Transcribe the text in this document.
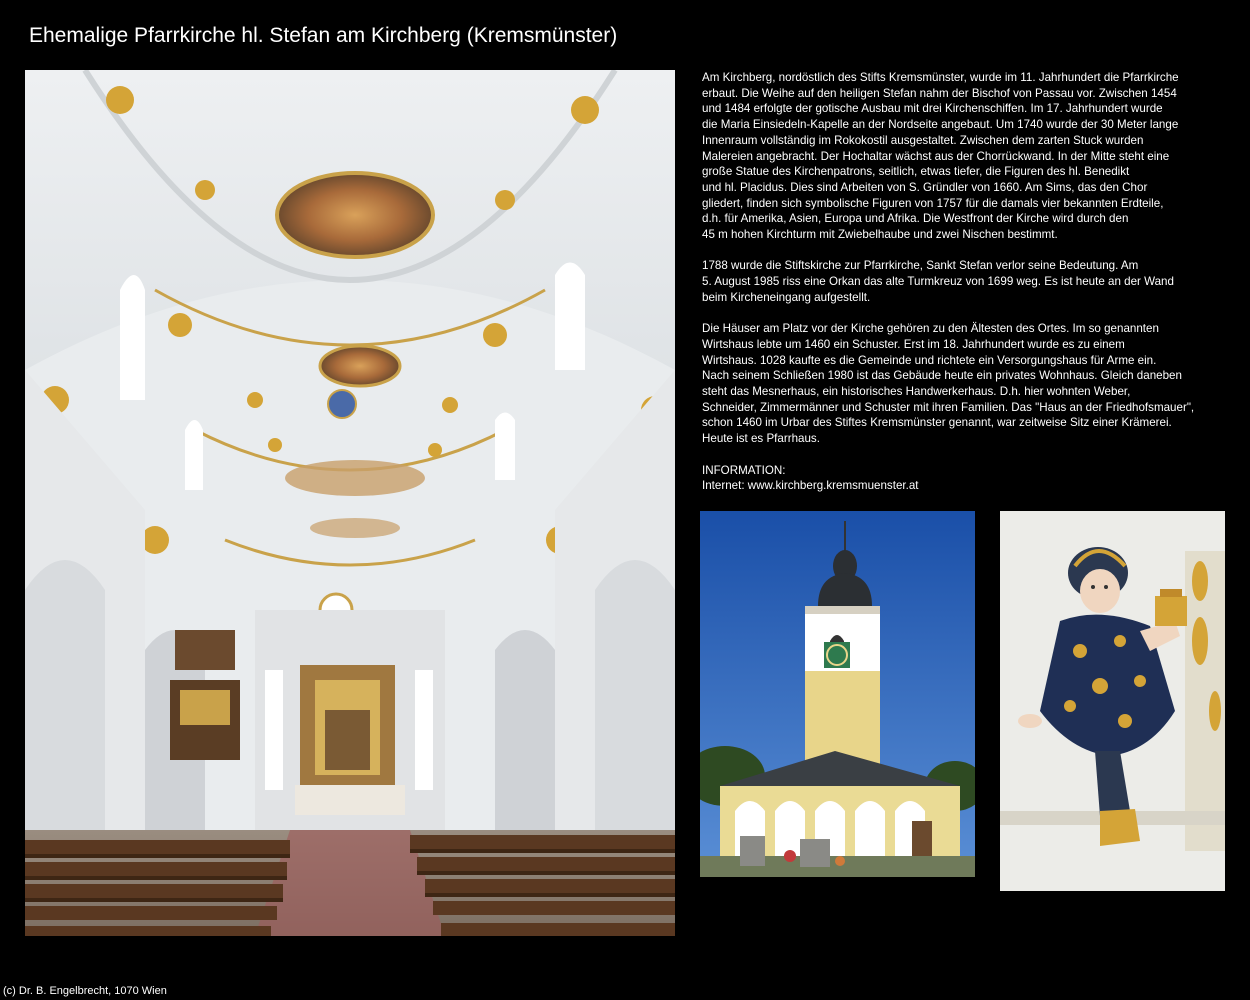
Ehemalige Pfarrkirche hl. Stefan am Kirchberg (Kremsmünster)

Am Kirchberg, nordöstlich des Stifts Kremsmünster, wurde im 11. Jahrhundert die Pfarrkirche
erbaut. Die Weihe auf den heiligen Stefan nahm der Bischof von Passau vor. Zwischen 1454
und 1484 erfolgte der gotische Ausbau mit drei Kirchenschiffen. Im 17. Jahrhundert wurde
die Maria Einsiedeln-Kapelle an der Nordseite angebaut. Um 1740 wurde der 30 Meter lange
Innenraum vollständig im Rokokostil ausgestaltet. Zwischen dem zarten Stuck wurden
Malereien angebracht. Der Hochaltar wächst aus der Chorrückwand. In der Mitte steht eine
große Statue des Kirchenpatrons, seitlich, etwas tiefer, die Figuren des hl. Benedikt
und hl. Placidus. Dies sind Arbeiten von S. Gründler von 1660. Am Sims, das den Chor
gliedert, finden sich symbolische Figuren von 1757 für die damals vier bekannten Erdteile,
d.h. für Amerika, Asien, Europa und Afrika. Die Westfront der Kirche wird durch den
45 m hohen Kirchturm mit Zwiebelhaube und zwei Nischen bestimmt.

1788 wurde die Stiftskirche zur Pfarrkirche, Sankt Stefan verlor seine Bedeutung. Am
5. August 1985 riss eine Orkan das alte Turmkreuz von 1699 weg. Es ist heute an der Wand
beim Kircheneingang aufgestellt.

Die Häuser am Platz vor der Kirche gehören zu den Ältesten des Ortes. Im so genannten
Wirtshaus lebte um 1460 ein Schuster. Erst im 18. Jahrhundert wurde es zu einem
Wirtshaus. 1028 kaufte es die Gemeinde und richtete ein Versorgungshaus für Arme ein.
Nach seinem Schließen 1980 ist das Gebäude heute ein privates Wohnhaus. Gleich daneben
steht das Mesnerhaus, ein historisches Handwerkerhaus. D.h. hier wohnten Weber,
Schneider, Zimmermänner und Schuster mit ihren Familien. Das "Haus an der Friedhofsmauer",
schon 1460 im Urbar des Stiftes Kremsmünster genannt, war zeitweise Sitz einer Krämerei.
Heute ist es Pfarrhaus.

INFORMATION:
Internet: www.kirchberg.kremsmuenster.at

(c) Dr. B. Engelbrecht, 1070 Wien
